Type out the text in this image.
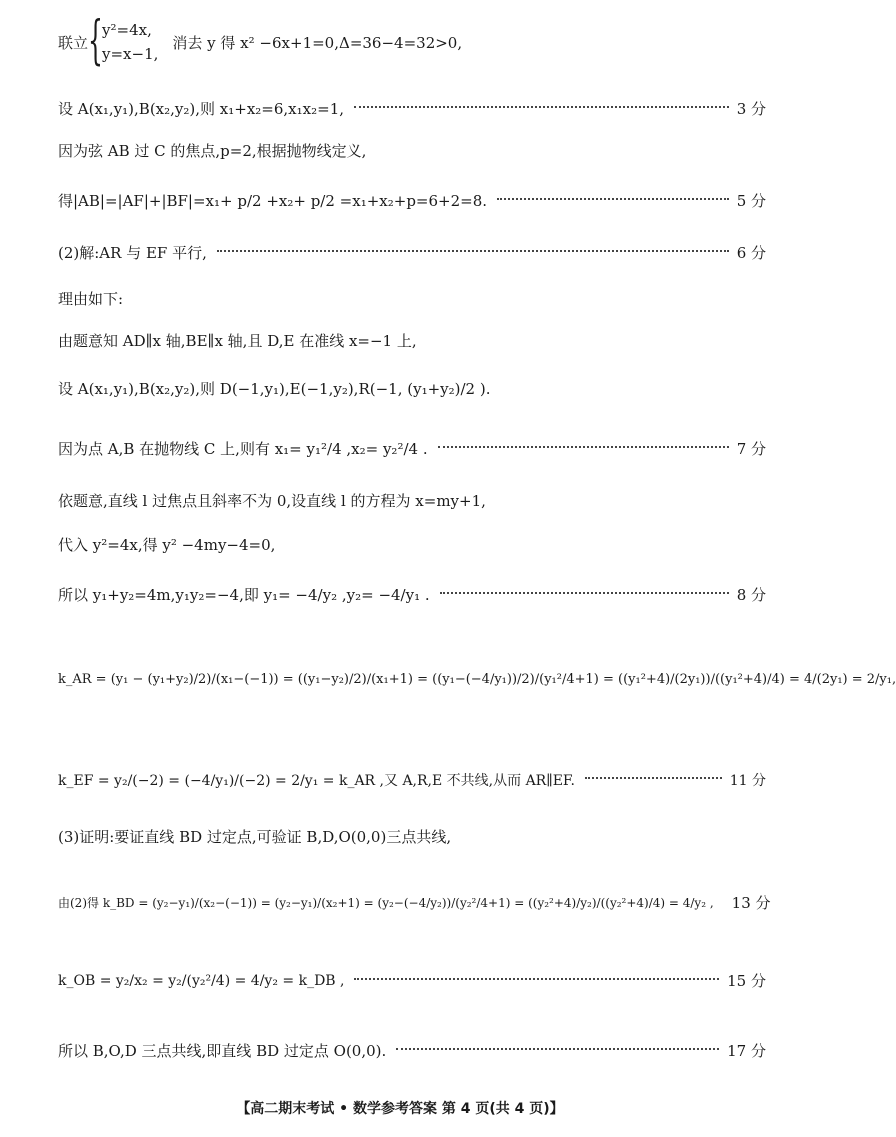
联立 { y²=4x,
y=x−1,
消去 y 得 x² −6x+1=0,Δ=36−4=32>0,
设 A(x₁,y₁),B(x₂,y₂),则 x₁+x₂=6,x₁x₂=1,	3 分
因为弦 AB 过 C 的焦点,p=2,根据抛物线定义,
得|AB|=|AF|+|BF|=x₁+ p/2 +x₂+ p/2 =x₁+x₂+p=6+2=8.	5 分
(2)解:AR 与 EF 平行,	6 分
理由如下:
由题意知 AD∥x 轴,BE∥x 轴,且 D,E 在准线 x=−1 上,
设 A(x₁,y₁),B(x₂,y₂),则 D(−1,y₁),E(−1,y₂),R(−1, (y₁+y₂)/2 ).
因为点 A,B 在抛物线 C 上,则有 x₁= y₁²/4 ,x₂= y₂²/4 .	7 分
依题意,直线 l 过焦点且斜率不为 0,设直线 l 的方程为 x=my+1,
代入 y²=4x,得 y² −4my−4=0,
所以 y₁+y₂=4m,y₁y₂=−4,即 y₁= −4/y₂ ,y₂= −4/y₁ .	8 分
k_AR = (y₁ − (y₁+y₂)/2)/(x₁−(−1)) = ((y₁−y₂)/2)/(x₁+1) = ((y₁−(−4/y₁))/2)/(y₁²/4+1) = ((y₁²+4)/(2y₁))/((y₁²+4)/4) = 4/(2y₁) = 2/y₁,
k_EF = y₂/(−2) = (−4/y₁)/(−2) = 2/y₁ = k_AR ,又 A,R,E 不共线,从而 AR∥EF.	11 分
(3)证明:要证直线 BD 过定点,可验证 B,D,O(0,0)三点共线,
由(2)得 k_BD = (y₂−y₁)/(x₂−(−1)) = (y₂−y₁)/(x₂+1) = (y₂−(−4/y₂))/(y₂²/4+1) = ((y₂²+4)/y₂)/((y₂²+4)/4) = 4/y₂ , 13 分
k_OB = y₂/x₂ = y₂/(y₂²/4) = 4/y₂ = k_DB ,	15 分
所以 B,O,D 三点共线,即直线 BD 过定点 O(0,0).	17 分
【高二期末考试 • 数学参考答案 第 4 页(共 4 页)】
